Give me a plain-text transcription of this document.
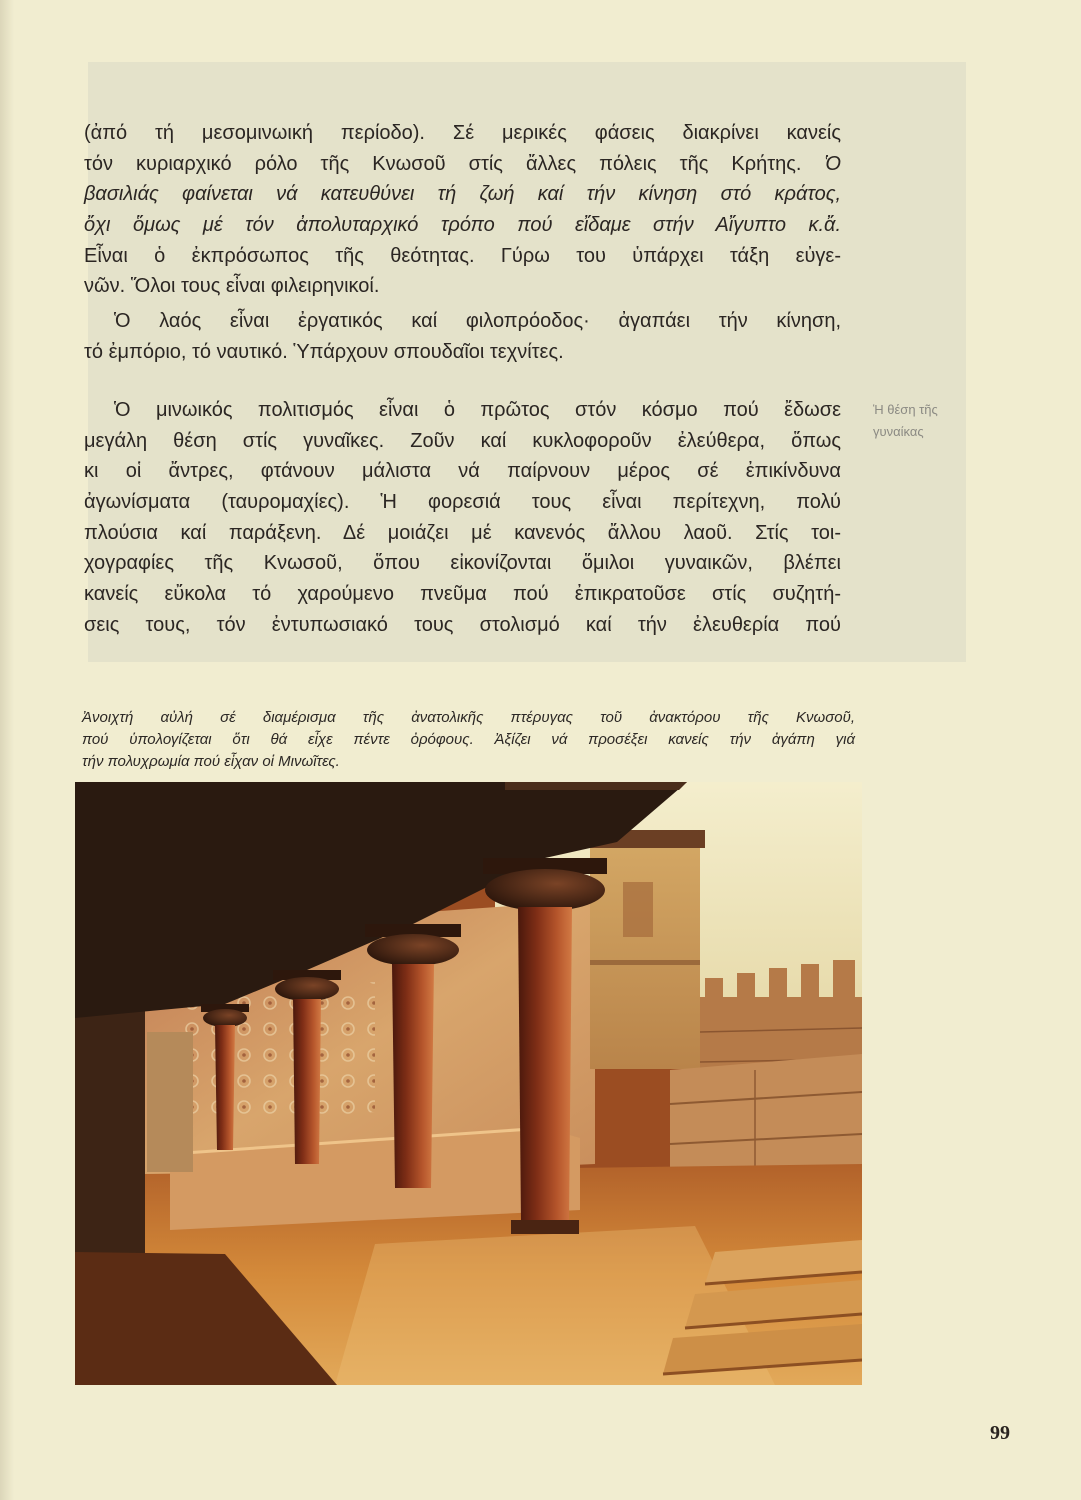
(ἀπό τή μεσομινωική περίοδο). Σέ μερικές φάσεις διακρίνει κανείς
τόν κυριαρχικό ρόλο τῆς Κνωσοῦ στίς ἄλλες πόλεις τῆς Κρήτης. Ὁ
βασιλιάς φαίνεται νά κατευθύνει τή ζωή καί τήν κίνηση στό κράτος,
ὄχι ὅμως μέ τόν ἀπολυταρχικό τρόπο πού εἴδαμε στήν Αἴγυπτο κ.ἄ.
Εἶναι ὁ ἐκπρόσωπος τῆς θεότητας. Γύρω του ὑπάρχει τάξη εὐγε-
νῶν. Ὅλοι τους εἶναι φιλειρηνικοί.
Ὁ λαός εἶναι ἐργατικός καί φιλοπρόοδος· ἀγαπάει τήν κίνηση,
τό ἐμπόριο, τό ναυτικό. Ὑπάρχουν σπουδαῖοι τεχνίτες.
Ὁ μινωικός πολιτισμός εἶναι ὁ πρῶτος στόν κόσμο πού ἔδωσε
μεγάλη θέση στίς γυναῖκες. Ζοῦν καί κυκλοφοροῦν ἐλεύθερα, ὅπως
κι οἱ ἄντρες, φτάνουν μάλιστα νά παίρνουν μέρος σέ ἐπικίνδυνα
ἀγωνίσματα (ταυρομαχίες). Ἡ φορεσιά τους εἶναι περίτεχνη, πολύ
πλούσια καί παράξενη. Δέ μοιάζει μέ κανενός ἄλλου λαοῦ. Στίς τοι-
χογραφίες τῆς Κνωσοῦ, ὅπου εἰκονίζονται ὅμιλοι γυναικῶν, βλέπει
κανείς εὔκολα τό χαρούμενο πνεῦμα πού ἐπικρατοῦσε στίς συζητή-
σεις τους, τόν ἐντυπωσιακό τους στολισμό καί τήν ἐλευθερία πού
Ἡ θέση τῆς
γυναίκας
Ἀνοιχτή αὐλή σέ διαμέρισμα τῆς ἀνατολικῆς πτέρυγας τοῦ ἀνακτόρου τῆς Κνωσοῦ,
πού ὑπολογίζεται ὅτι θά εἶχε πέντε ὀρόφους. Ἀξίζει νά προσέξει κανείς τήν ἀγάπη γιά
τήν πολυχρωμία πού εἶχαν οἱ Μινωῖτες.
99
